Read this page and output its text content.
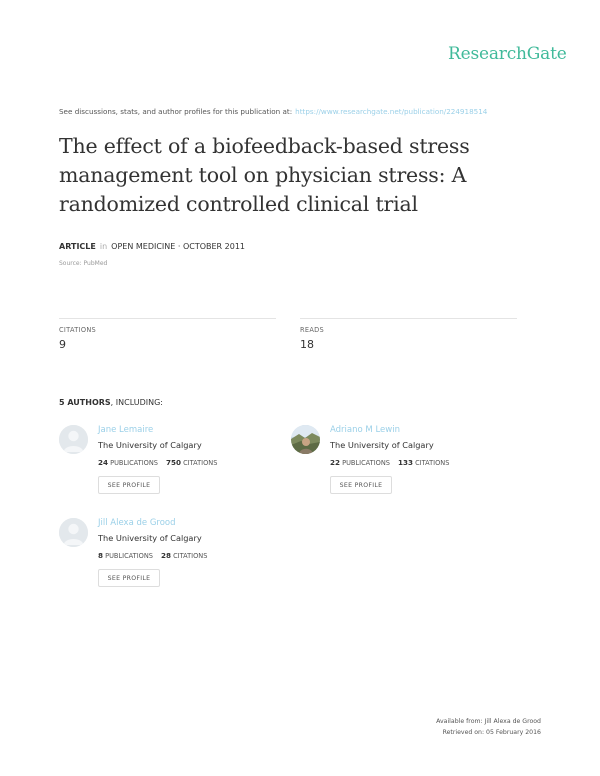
ResearchGate
See discussions, stats, and author profiles for this publication at: https://www.researchgate.net/publication/224918514
The effect of a biofeedback-based stress
management tool on physician stress: A
randomized controlled clinical trial
ARTICLE in OPEN MEDICINE · OCTOBER 2011
Source: PubMed
CITATIONS
9
READS
18
5 AUTHORS, INCLUDING:
Jane Lemaire
The University of Calgary
24 PUBLICATIONS 750 CITATIONS
SEE PROFILE
Adriano M Lewin
The University of Calgary
22 PUBLICATIONS 133 CITATIONS
SEE PROFILE
Jill Alexa de Grood
The University of Calgary
8 PUBLICATIONS 28 CITATIONS
SEE PROFILE
Available from: Jill Alexa de Grood
Retrieved on: 05 February 2016
